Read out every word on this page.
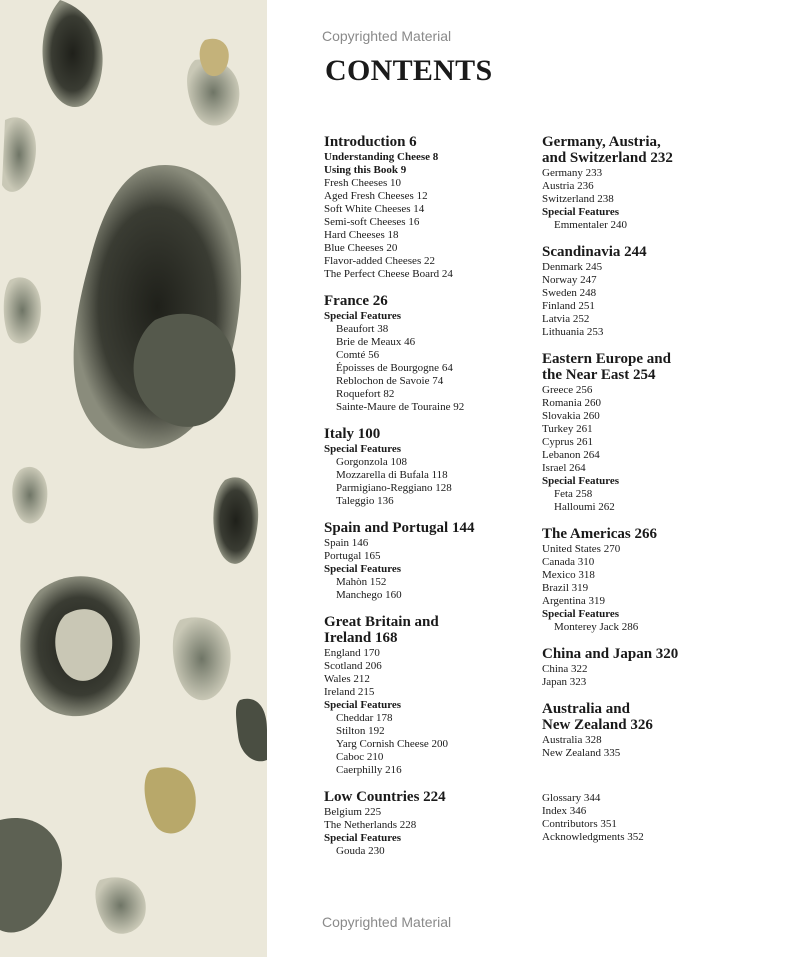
Copyrighted Material
CONTENTS
Introduction 6
Understanding Cheese 8
Using this Book 9
Fresh Cheeses 10
Aged Fresh Cheeses 12
Soft White Cheeses 14
Semi-soft Cheeses 16
Hard Cheeses 18
Blue Cheeses 20
Flavor-added Cheeses 22
The Perfect Cheese Board 24
France 26
Special Features
Beaufort 38
Brie de Meaux 46
Comté 56
Époisses de Bourgogne 64
Reblochon de Savoie 74
Roquefort 82
Sainte-Maure de Touraine 92
Italy 100
Special Features
Gorgonzola 108
Mozzarella di Bufala 118
Parmigiano-Reggiano 128
Taleggio 136
Spain and Portugal 144
Spain 146
Portugal 165
Special Features
Mahòn 152
Manchego 160
Great Britain and
Ireland 168
England 170
Scotland 206
Wales 212
Ireland 215
Special Features
Cheddar 178
Stilton 192
Yarg Cornish Cheese 200
Caboc 210
Caerphilly 216
Low Countries 224
Belgium 225
The Netherlands 228
Special Features
Gouda 230
Germany, Austria,
and Switzerland 232
Germany 233
Austria 236
Switzerland 238
Special Features
Emmentaler 240
Scandinavia 244
Denmark 245
Norway 247
Sweden 248
Finland 251
Latvia 252
Lithuania 253
Eastern Europe and
the Near East 254
Greece 256
Romania 260
Slovakia 260
Turkey 261
Cyprus 261
Lebanon 264
Israel 264
Special Features
Feta 258
Halloumi 262
The Americas 266
United States 270
Canada 310
Mexico 318
Brazil 319
Argentina 319
Special Features
Monterey Jack 286
China and Japan 320
China 322
Japan 323
Australia and
New Zealand 326
Australia 328
New Zealand 335
Glossary 344
Index 346
Contributors 351
Acknowledgments 352
Copyrighted Material
